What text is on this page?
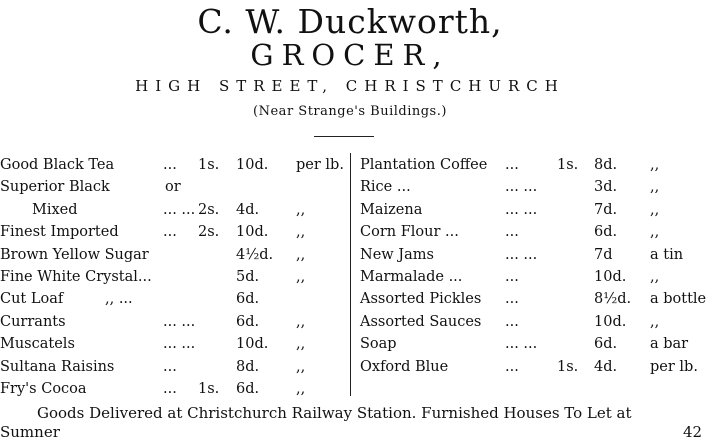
C. W. Duckworth,
GROCER,
HIGH STREET, CHRISTCHURCH
(Near Strange's Buildings.)
Good Black Tea	... 1s. 10d. per lb.
Superior Black	or
Mixed	... ... 2s. 4d.	,,
Finest Imported	... 2s. 10d. ,,
Brown Yellow Sugar	4½d. ,,
Fine White Crystal...	5d.	,,
Cut Loaf	,, ...	6d.
Currants	... ...	6d.	,,
Muscatels	... ...	10d. ,,
Sultana Raisins	...	8d.	,,
Fry's Cocoa	... 1s. 6d.	,,
Plantation Coffee ...	1s. 8d. ,,
Rice ...	... ...	3d. ,,
Maizena	... ...	7d. ,,
Corn Flour ...	...	6d. ,,
New Jams	... ...	7d	a tin
Marmalade ...	...	10d. ,,
Assorted Pickles ...	8½d. a bottle
Assorted Sauces ...	10d. ,,
Soap	... ...	6d. a bar
Oxford Blue	...	1s. 4d. per lb.
Goods Delivered at Christchurch Railway Station. Furnished Houses To Let at
Sumner	42
